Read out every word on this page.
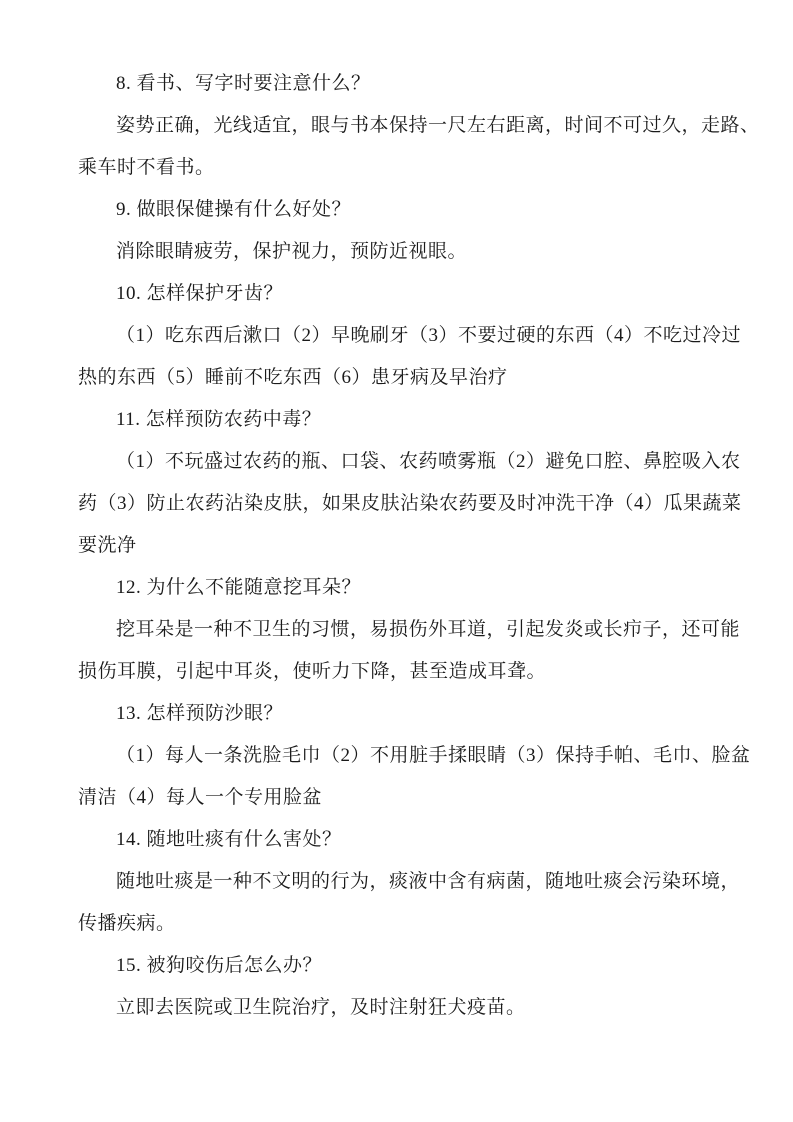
8. 看书、写字时要注意什么？
姿势正确，光线适宜，眼与书本保持一尺左右距离，时间不可过久，走路、
乘车时不看书。
9. 做眼保健操有什么好处？
消除眼睛疲劳，保护视力，预防近视眼。
10. 怎样保护牙齿？
（1）吃东西后漱口（2）早晚刷牙（3）不要过硬的东西（4）不吃过冷过
热的东西（5）睡前不吃东西（6）患牙病及早治疗
11. 怎样预防农药中毒？
（1）不玩盛过农药的瓶、口袋、农药喷雾瓶（2）避免口腔、鼻腔吸入农
药（3）防止农药沾染皮肤，如果皮肤沾染农药要及时冲洗干净（4）瓜果蔬菜
要洗净
12. 为什么不能随意挖耳朵？
挖耳朵是一种不卫生的习惯，易损伤外耳道，引起发炎或长疖子，还可能
损伤耳膜，引起中耳炎，使听力下降，甚至造成耳聋。
13. 怎样预防沙眼？
（1）每人一条洗脸毛巾（2）不用脏手揉眼睛（3）保持手帕、毛巾、脸盆
清洁（4）每人一个专用脸盆
14. 随地吐痰有什么害处？
随地吐痰是一种不文明的行为，痰液中含有病菌，随地吐痰会污染环境，
传播疾病。
15. 被狗咬伤后怎么办？
立即去医院或卫生院治疗，及时注射狂犬疫苗。
